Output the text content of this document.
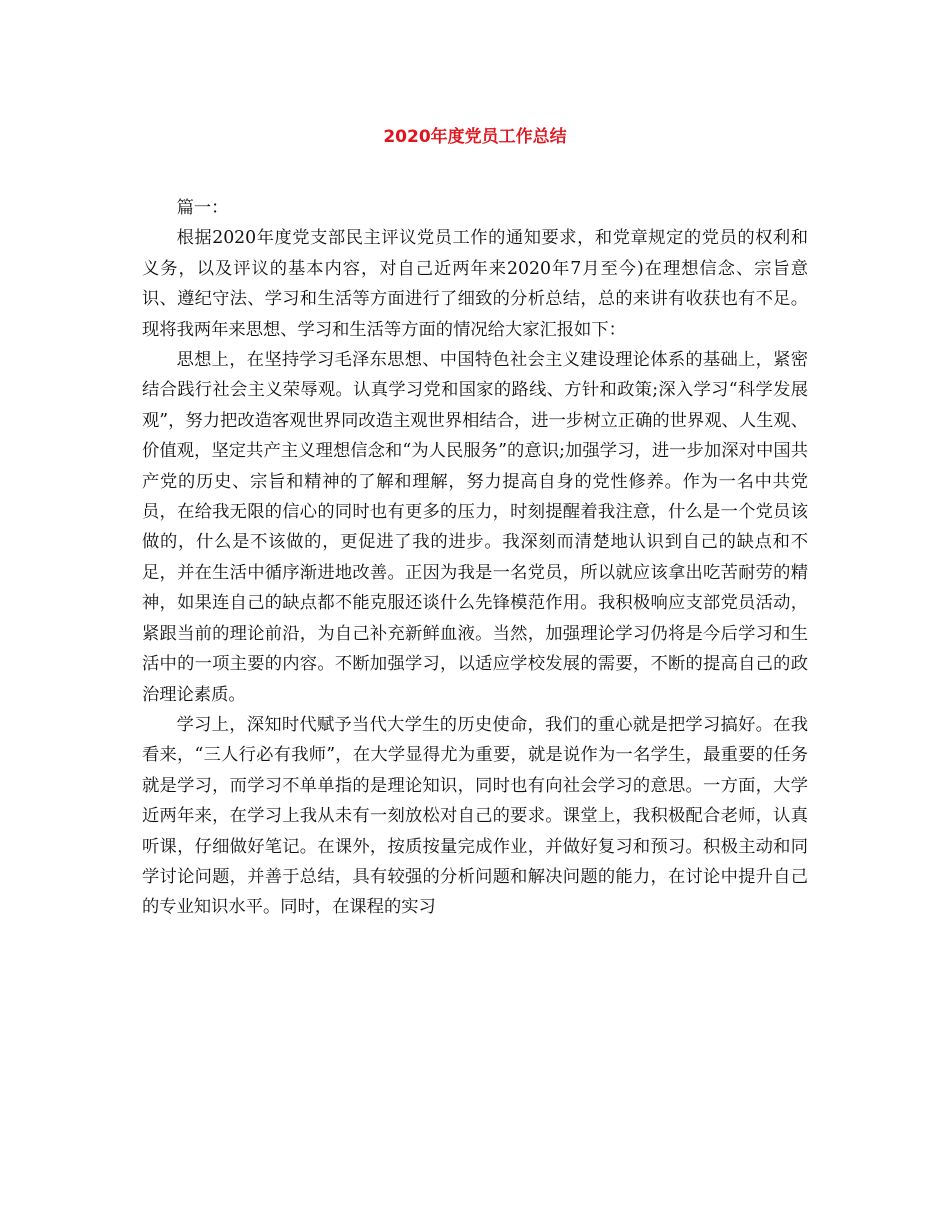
2020年度党员工作总结

篇一：

根据2020年度党支部民主评议党员工作的通知要求，和党章规定的党员的权利和义务，以及评议的基本内容，对自己近两年来2020年7月至今)在理想信念、宗旨意识、遵纪守法、学习和生活等方面进行了细致的分析总结，总的来讲有收获也有不足。现将我两年来思想、学习和生活等方面的情况给大家汇报如下：

思想上，在坚持学习毛泽东思想、中国特色社会主义建设理论体系的基础上，紧密结合践行社会主义荣辱观。认真学习党和国家的路线、方针和政策;深入学习“科学发展观”，努力把改造客观世界同改造主观世界相结合，进一步树立正确的世界观、人生观、价值观，坚定共产主义理想信念和“为人民服务”的意识;加强学习，进一步加深对中国共产党的历史、宗旨和精神的了解和理解，努力提高自身的党性修养。作为一名中共党员，在给我无限的信心的同时也有更多的压力，时刻提醒着我注意，什么是一个党员该做的，什么是不该做的，更促进了我的进步。我深刻而清楚地认识到自己的缺点和不足，并在生活中循序渐进地改善。正因为我是一名党员，所以就应该拿出吃苦耐劳的精神，如果连自己的缺点都不能克服还谈什么先锋模范作用。我积极响应支部党员活动，紧跟当前的理论前沿，为自己补充新鲜血液。当然，加强理论学习仍将是今后学习和生活中的一项主要的内容。不断加强学习，以适应学校发展的需要，不断的提高自己的政治理论素质。

学习上，深知时代赋予当代大学生的历史使命，我们的重心就是把学习搞好。在我看来，“三人行必有我师”，在大学显得尤为重要，就是说作为一名学生，最重要的任务就是学习，而学习不单单指的是理论知识，同时也有向社会学习的意思。一方面，大学近两年来，在学习上我从未有一刻放松对自己的要求。课堂上，我积极配合老师，认真听课，仔细做好笔记。在课外，按质按量完成作业，并做好复习和预习。积极主动和同学讨论问题，并善于总结，具有较强的分析问题和解决问题的能力，在讨论中提升自己的专业知识水平。同时，在课程的实习
